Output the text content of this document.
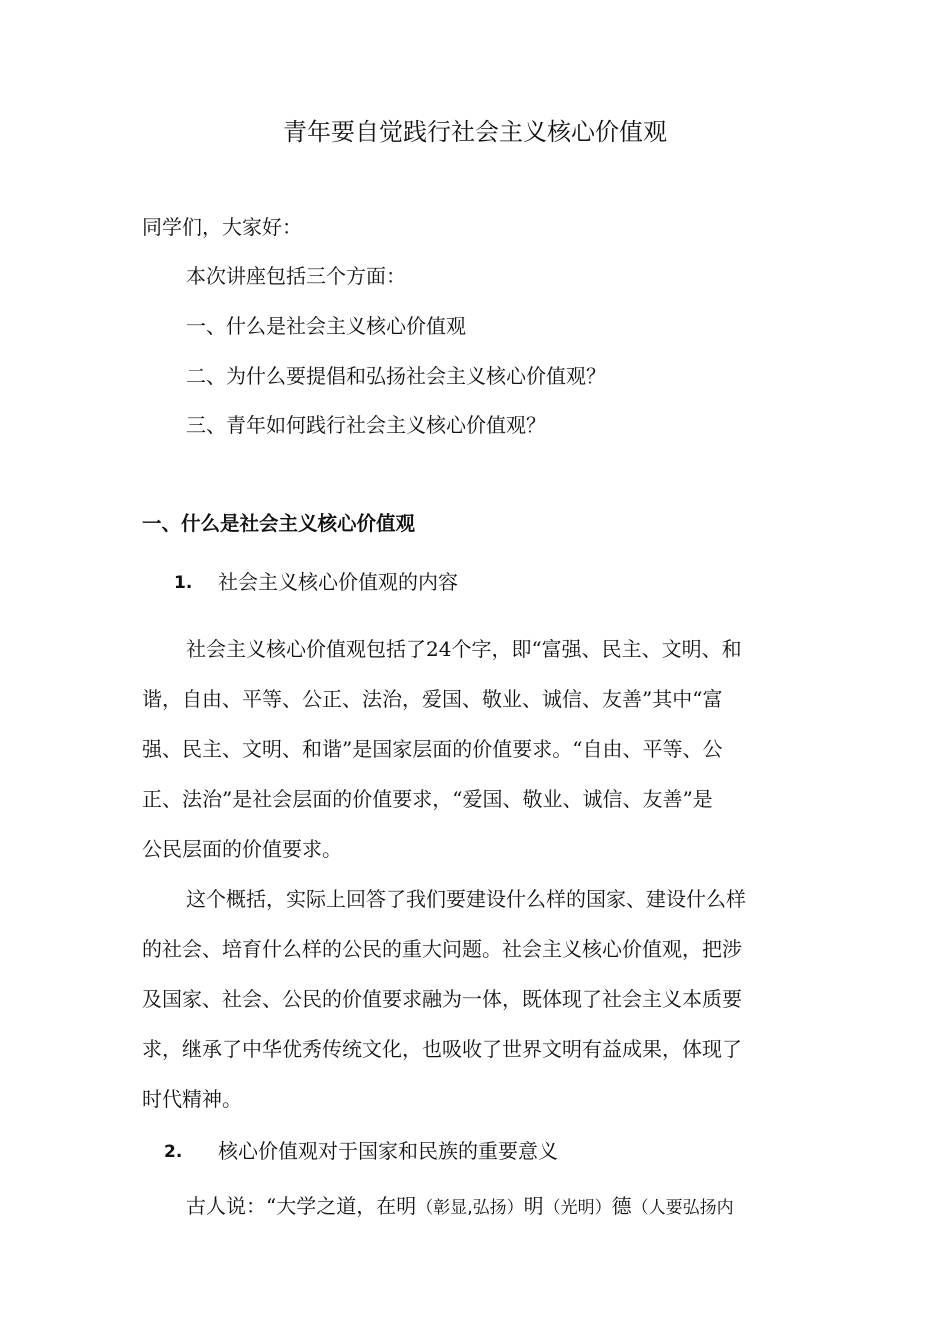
青年要自觉践行社会主义核心价值观
同学们，大家好：
本次讲座包括三个方面：
一、什么是社会主义核心价值观
二、为什么要提倡和弘扬社会主义核心价值观？
三、青年如何践行社会主义核心价值观？
一、什么是社会主义核心价值观
1. 社会主义核心价值观的内容
社会主义核心价值观包括了24个字，即“富强、民主、文明、和
谐，自由、平等、公正、法治，爱国、敬业、诚信、友善”其中“富
强、民主、文明、和谐”是国家层面的价值要求。“自由、平等、公
正、法治”是社会层面的价值要求，“爱国、敬业、诚信、友善”是
公民层面的价值要求。
这个概括，实际上回答了我们要建设什么样的国家、建设什么样
的社会、培育什么样的公民的重大问题。社会主义核心价值观，把涉
及国家、社会、公民的价值要求融为一体，既体现了社会主义本质要
求，继承了中华优秀传统文化，也吸收了世界文明有益成果，体现了
时代精神。
2. 核心价值观对于国家和民族的重要意义
古人说：“大学之道，在明（彰显,弘扬）明（光明）德（人要弘扬内
